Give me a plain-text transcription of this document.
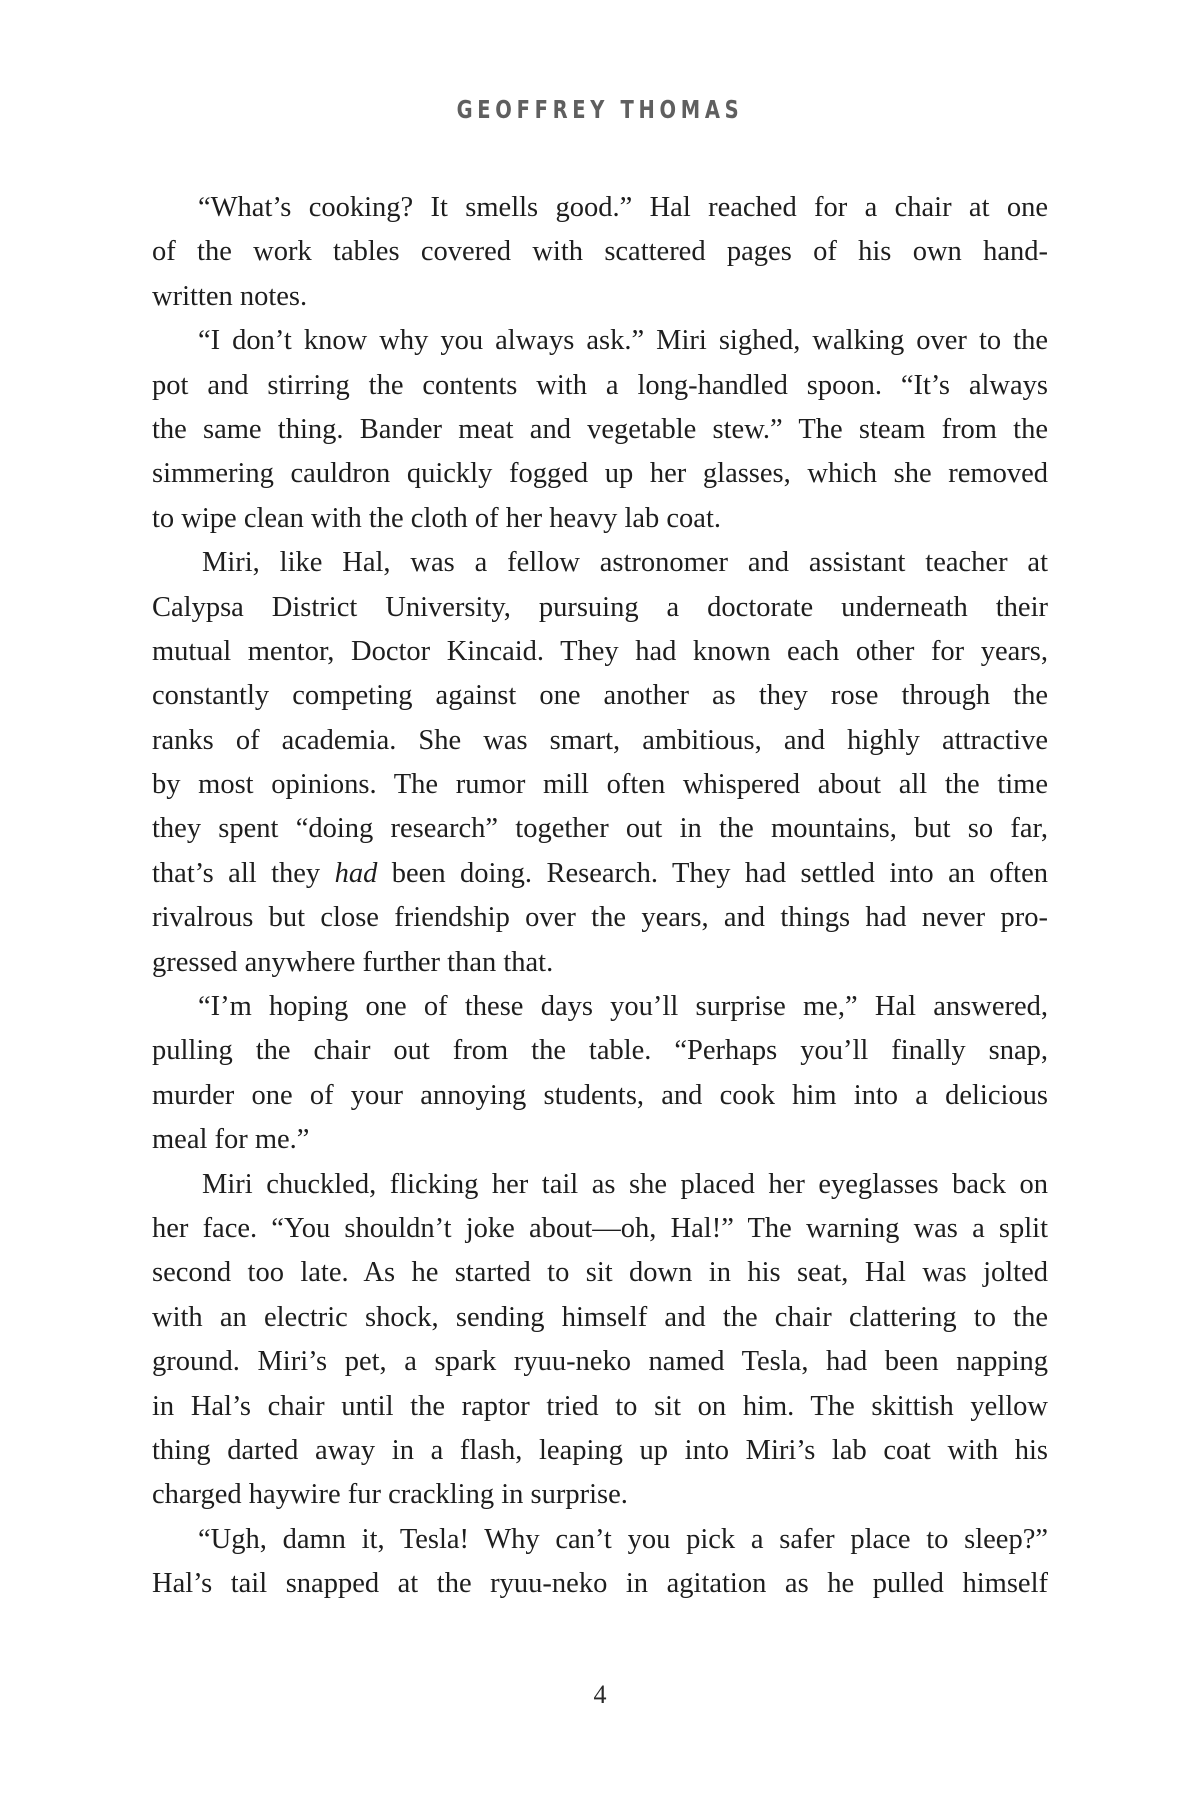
GEOFFREY THOMAS
“What’s cooking? It smells good.” Hal reached for a chair at one
of the work tables covered with scattered pages of his own hand-
written notes.
“I don’t know why you always ask.” Miri sighed, walking over to the
pot and stirring the contents with a long-handled spoon. “It’s always
the same thing. Bander meat and vegetable stew.” The steam from the
simmering cauldron quickly fogged up her glasses, which she removed
to wipe clean with the cloth of her heavy lab coat.
Miri, like Hal, was a fellow astronomer and assistant teacher at
Calypsa District University, pursuing a doctorate underneath their
mutual mentor, Doctor Kincaid. They had known each other for years,
constantly competing against one another as they rose through the
ranks of academia. She was smart, ambitious, and highly attractive
by most opinions. The rumor mill often whispered about all the time
they spent “doing research” together out in the mountains, but so far,
that’s all they had been doing. Research. They had settled into an often
rivalrous but close friendship over the years, and things had never pro-
gressed anywhere further than that.
“I’m hoping one of these days you’ll surprise me,” Hal answered,
pulling the chair out from the table. “Perhaps you’ll finally snap,
murder one of your annoying students, and cook him into a delicious
meal for me.”
Miri chuckled, flicking her tail as she placed her eyeglasses back on
her face. “You shouldn’t joke about—oh, Hal!” The warning was a split
second too late. As he started to sit down in his seat, Hal was jolted
with an electric shock, sending himself and the chair clattering to the
ground. Miri’s pet, a spark ryuu-neko named Tesla, had been napping
in Hal’s chair until the raptor tried to sit on him. The skittish yellow
thing darted away in a flash, leaping up into Miri’s lab coat with his
charged haywire fur crackling in surprise.
“Ugh, damn it, Tesla! Why can’t you pick a safer place to sleep?”
Hal’s tail snapped at the ryuu-neko in agitation as he pulled himself
4
